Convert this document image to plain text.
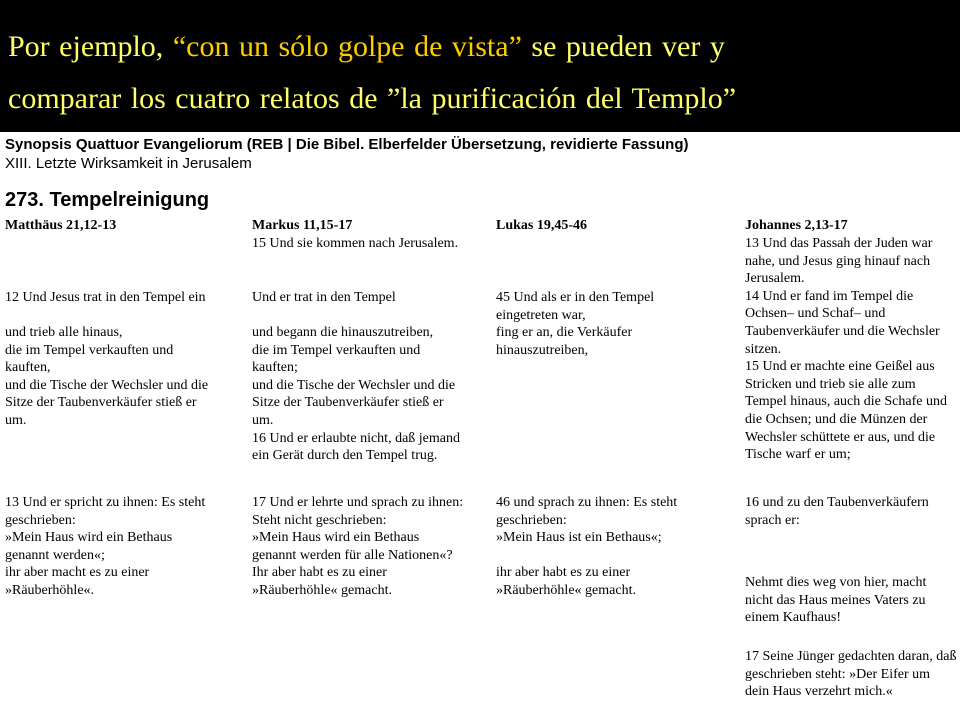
Por ejemplo, “con un sólo golpe de vista” se pueden ver y
comparar los cuatro relatos de ”la purificación del Templo”
Synopsis Quattuor Evangeliorum (REB | Die Bibel. Elberfelder Übersetzung, revidierte Fassung)
XIII. Letzte Wirksamkeit in Jerusalem
273. Tempelreinigung
Matthäus 21,12-13
12 Und Jesus trat in den Tempel ein
und trieb alle hinaus,
die im Tempel verkauften und
kauften,
und die Tische der Wechsler und die
Sitze der Taubenverkäufer stieß er
um.
13 Und er spricht zu ihnen: Es steht
geschrieben:
»Mein Haus wird ein Bethaus
genannt werden«;
ihr aber macht es zu einer
»Räuberhöhle«.
Markus 11,15-17
15 Und sie kommen nach Jerusalem.
Und er trat in den Tempel
und begann die hinauszutreiben,
die im Tempel verkauften und
kauften;
und die Tische der Wechsler und die
Sitze der Taubenverkäufer stieß er
um.
16 Und er erlaubte nicht, daß jemand
ein Gerät durch den Tempel trug.
17 Und er lehrte und sprach zu ihnen:
Steht nicht geschrieben:
»Mein Haus wird ein Bethaus
genannt werden für alle Nationen«?
Ihr aber habt es zu einer
»Räuberhöhle« gemacht.
Lukas 19,45-46
45 Und als er in den Tempel
eingetreten war,
fing er an, die Verkäufer
hinauszutreiben,
46 und sprach zu ihnen: Es steht
geschrieben:
»Mein Haus ist ein Bethaus«;
ihr aber habt es zu einer
»Räuberhöhle« gemacht.
Johannes 2,13-17
13 Und das Passah der Juden war
nahe, und Jesus ging hinauf nach
Jerusalem.
14 Und er fand im Tempel die
Ochsen– und Schaf– und
Taubenverkäufer und die Wechsler
sitzen.
15 Und er machte eine Geißel aus
Stricken und trieb sie alle zum
Tempel hinaus, auch die Schafe und
die Ochsen; und die Münzen der
Wechsler schüttete er aus, und die
Tische warf er um;
16 und zu den Taubenverkäufern
sprach er:
Nehmt dies weg von hier, macht
nicht das Haus meines Vaters zu
einem Kaufhaus!
17 Seine Jünger gedachten daran, daß
geschrieben steht: »Der Eifer um
dein Haus verzehrt mich.«
